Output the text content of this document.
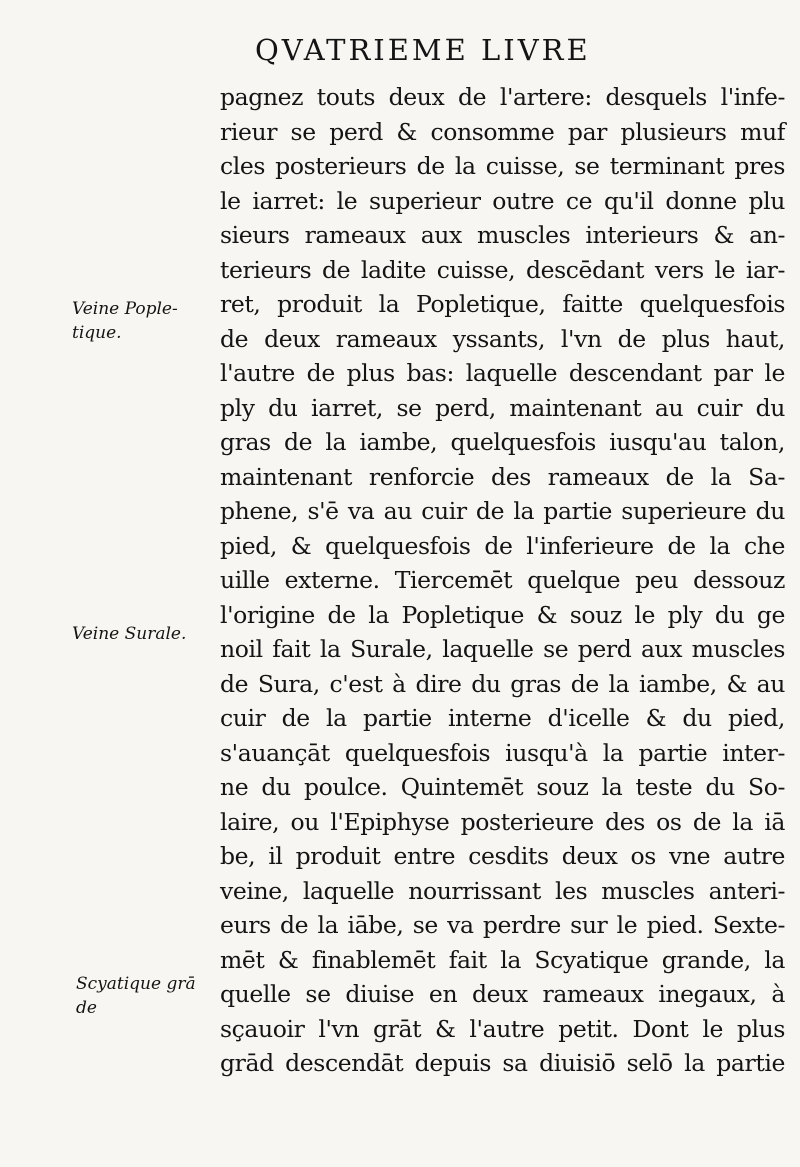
QVATRIEME LIVRE
pagnez touts deux de l'artere: desquels l'infe-
rieur se perd & consomme par plusieurs muf
cles posterieurs de la cuisse, se terminant pres
le iarret: le superieur outre ce qu'il donne plu
sieurs rameaux aux muscles interieurs & an-
terieurs de ladite cuisse, descēdant vers le iar-
ret, produit la Popletique, faitte quelquesfois
de deux rameaux yssants, l'vn de plus haut,
l'autre de plus bas: laquelle descendant par le
ply du iarret, se perd, maintenant au cuir du
gras de la iambe, quelquesfois iusqu'au talon,
maintenant renforcie des rameaux de la Sa-
phene, s'ē va au cuir de la partie superieure du
pied, & quelquesfois de l'inferieure de la che
uille externe. Tiercemēt quelque peu dessouz
l'origine de la Popletique & souz le ply du ge
noil fait la Surale, laquelle se perd aux muscles
de Sura, c'est à dire du gras de la iambe, & au
cuir de la partie interne d'icelle & du pied,
s'auançāt quelquesfois iusqu'à la partie inter-
ne du poulce. Quintemēt souz la teste du So-
laire, ou l'Epiphyse posterieure des os de la iā
be, il produit entre cesdits deux os vne autre
veine, laquelle nourrissant les muscles anteri-
eurs de la iābe, se va perdre sur le pied. Sexte-
mēt & finablemēt fait la Scyatique grande, la
quelle se diuise en deux rameaux inegaux, à
sçauoir l'vn grāt & l'autre petit. Dont le plus
grād descendāt depuis sa diuisiō selō la partie
Veine Pople-
tique.
Veine Surale.
Scyatique grā
de
